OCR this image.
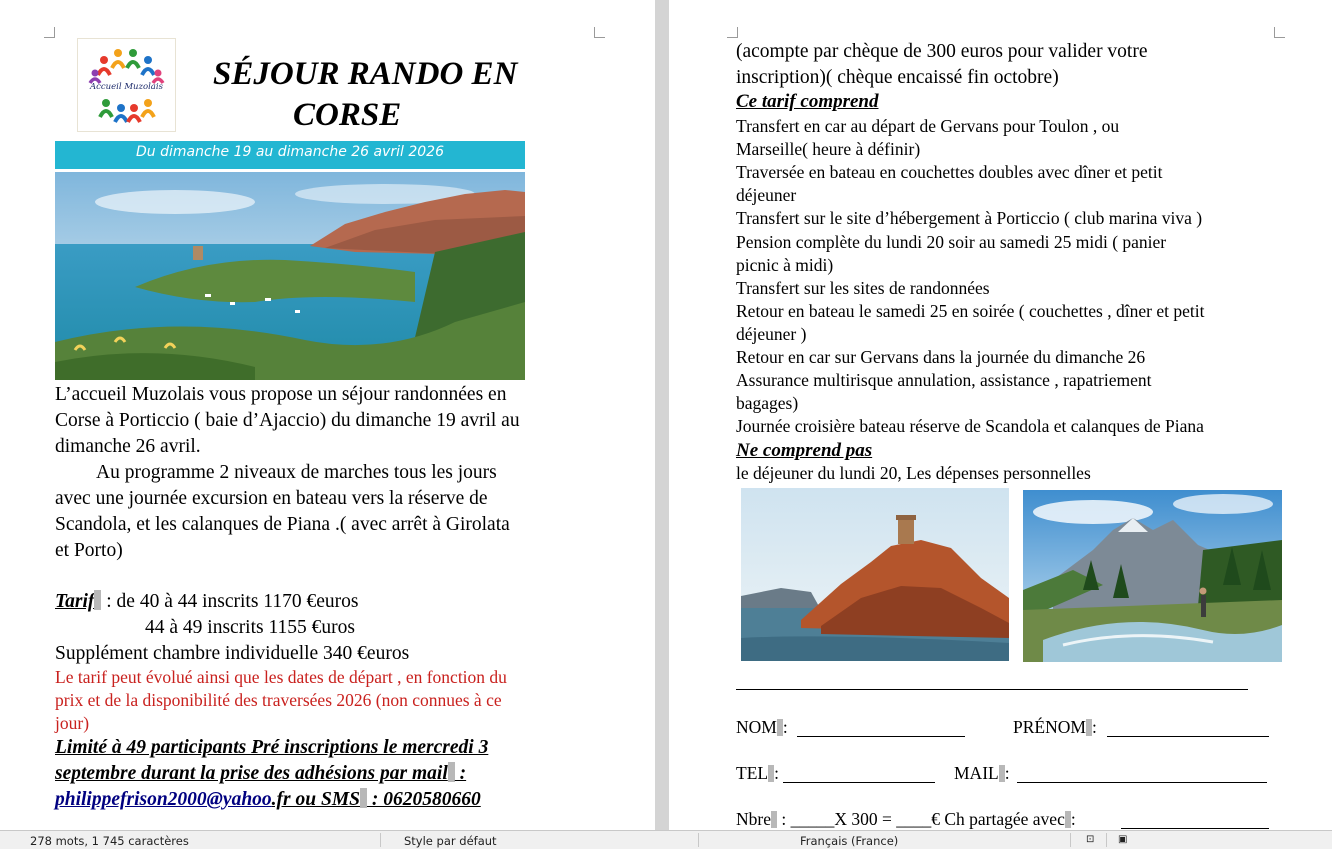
Accueil Muzolais	SÉJOUR RANDO EN
CORSE
Du dimanche 19 au dimanche 26 avril 2026
L’accueil Muzolais vous propose un séjour randonnées en
Corse à Porticcio ( baie d’Ajaccio) du dimanche 19 avril au
dimanche 26 avril.
Au programme 2 niveaux de marches tous les jours
avec une journée excursion en bateau vers la réserve de
Scandola, et les calanques de Piana .( avec arrêt à Girolata
et Porto)
Tarif : de 40 à 44 inscrits 1170 €euros
44 à 49 inscrits 1155 €uros
Supplément chambre individuelle 340 €euros
Le tarif peut évolué ainsi que les dates de départ , en fonction du
prix et de la disponibilité des traversées 2026 (non connues à ce
jour)
Limité à 49 participants Pré inscriptions le mercredi 3
septembre durant la prise des adhésions par mail :
philippefrison2000@yahoo.fr ou SMS : 0620580660
(acompte par chèque de 300 euros pour valider votre
inscription)( chèque encaissé fin octobre)
Ce tarif comprend
Transfert en car au départ de Gervans pour Toulon , ou
Marseille( heure à définir)
Traversée en bateau en couchettes doubles avec dîner et petit
déjeuner
Transfert sur le site d’hébergement à Porticcio ( club marina viva )
Pension complète du lundi 20 soir au samedi 25 midi ( panier
picnic à midi)
Transfert sur les sites de randonnées
Retour en bateau le samedi 25 en soirée ( couchettes , dîner et petit
déjeuner )
Retour en car sur Gervans dans la journée du dimanche 26
Assurance multirisque annulation, assistance , rapatriement
bagages)
Journée croisière bateau réserve de Scandola et calanques de Piana
Ne comprend pas
le déjeuner du lundi 20, Les dépenses personnelles
NOM :	PRÉNOM :
TEL :	MAIL :
Nbre : _____X 300 = ____€ Ch partagée avec :
278 mots, 1 745 caractères	Style par défaut	Français (France)	⊡ ▣
